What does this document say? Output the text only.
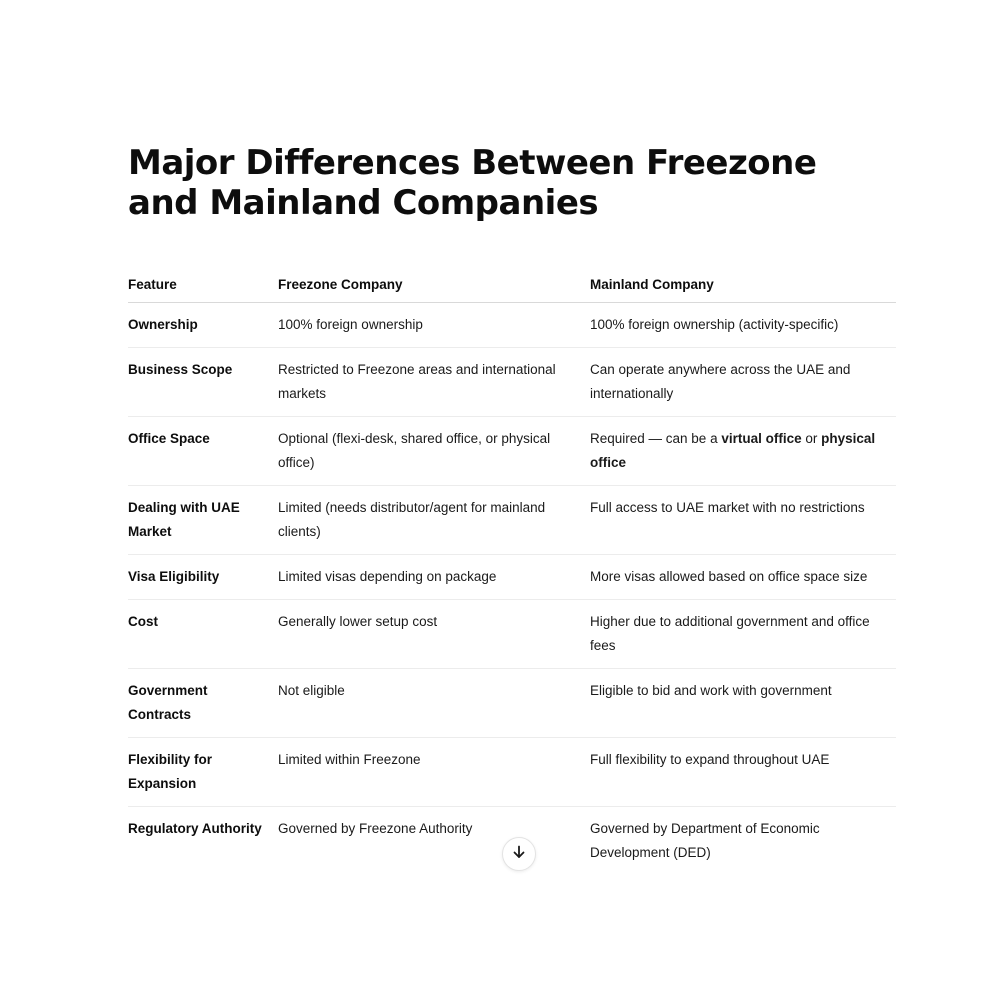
Major Differences Between Freezone and Mainland Companies
Feature	Freezone Company	Mainland Company
Ownership	100% foreign ownership	100% foreign ownership (activity-specific)
Business Scope	Restricted to Freezone areas and international markets	Can operate anywhere across the UAE and internationally
Office Space	Optional (flexi-desk, shared office, or physical office)	Required — can be a virtual office or physical office
Dealing with UAE Market	Limited (needs distributor/agent for mainland clients)	Full access to UAE market with no restrictions
Visa Eligibility	Limited visas depending on package	More visas allowed based on office space size
Cost	Generally lower setup cost	Higher due to additional government and office fees
Government Contracts	Not eligible	Eligible to bid and work with government
Flexibility for Expansion	Limited within Freezone	Full flexibility to expand throughout UAE
Regulatory Authority	Governed by Freezone Authority	Governed by Department of Economic Development (DED)
